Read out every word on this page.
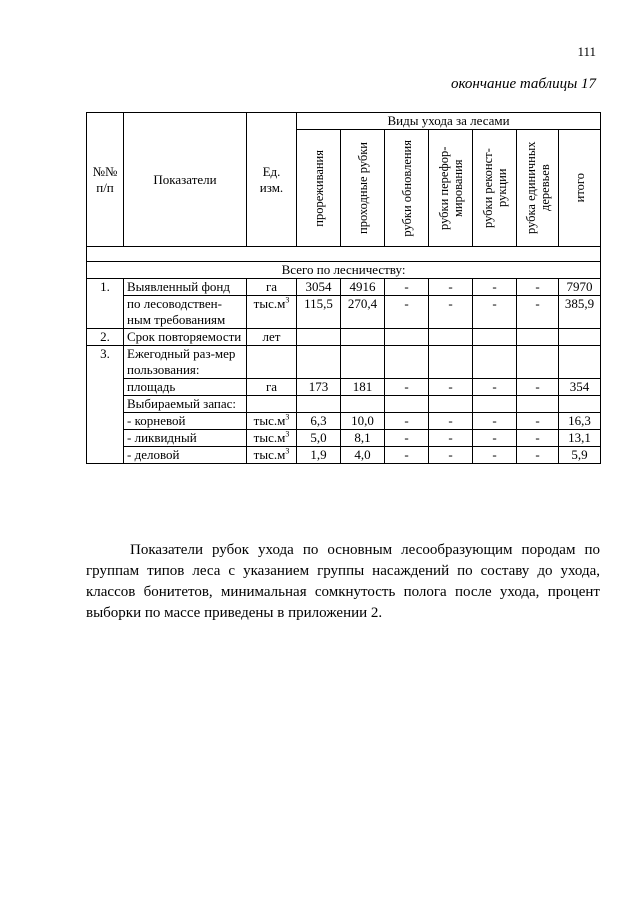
111
окончание таблицы 17
№№ п/п	Показатели	Ед. изм.	Виды ухода за лесами						

			прореживания	проходные рубки	рубки обновления	рубки перефор-мирования	рубки реконст-рукции	рубка единичных деревьев	итого

Всего по лесничеству:									
1.	Выявленный фонд	га	3054	4916	-	-	-	-	7970
	по лесоводствен-ным требованиям	$тыс.м^3$	115,5	270,4	-	-	-	-	385,9
2.	Срок повторяемости	лет							
3.	Ежегодный раз-мер пользования:								
	площадь	га	173	181	-	-	-	-	354
	Выбираемый запас:								
	- корневой	$тыс.м^3$	6,3	10,0	-	-	-	-	16,3
	- ликвидный	$тыс.м^3$	5,0	8,1	-	-	-	-	13,1
	- деловой	$тыс.м^3$	1,9	4,0	-	-	-	-	5,9

Показатели рубок ухода по основным лесообразующим породам по группам типов леса с указанием группы насаждений по составу до ухода, классов бонитетов, минимальная сомкнутость полога после ухода, процент выборки по массе приведены в приложении 2.
